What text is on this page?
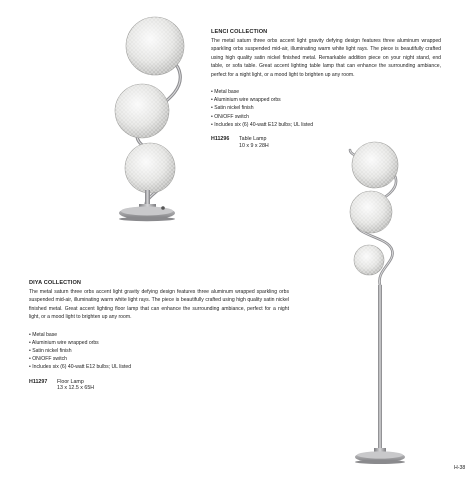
LENCI COLLECTION

The metal saturn three orbs accent light gravity defying design features three aluminum wrapped sparkling orbs suspended mid-air, illuminating warm white light rays. The piece is beautifully crafted using high quality satin nickel finished metal. Remarkable addition piece on your night stand, end table, or sofa table. Great accent lighting table lamp that can enhance the surrounding ambiance, perfect for a night light, or a mood light to brighten up any room.

• Metal base
• Aluminium wire wrapped orbs
• Satin nickel finish
• ON/OFF switch
• Includes six (6) 40-watt E12 bulbs; UL listed
H11296	Table Lamp
10 x 9 x 28H
DIYA COLLECTION

The metal saturn three orbs accent light gravity defying design features three aluminum wrapped sparkling orbs suspended mid-air, illuminating warm white light rays. The piece is beautifully crafted using high quality satin nickel finished metal. Great accent lighting floor lamp that can enhance the surrounding ambiance, perfect for a night light, or a mood light to brighten up any room.

• Metal base
• Aluminium wire wrapped orbs
• Satin nickel finish
• ON/OFF switch
• Includes six (6) 40-watt E12 bulbs; UL listed
H11297	Floor Lamp
13 x 12.5 x 65H
H-38
